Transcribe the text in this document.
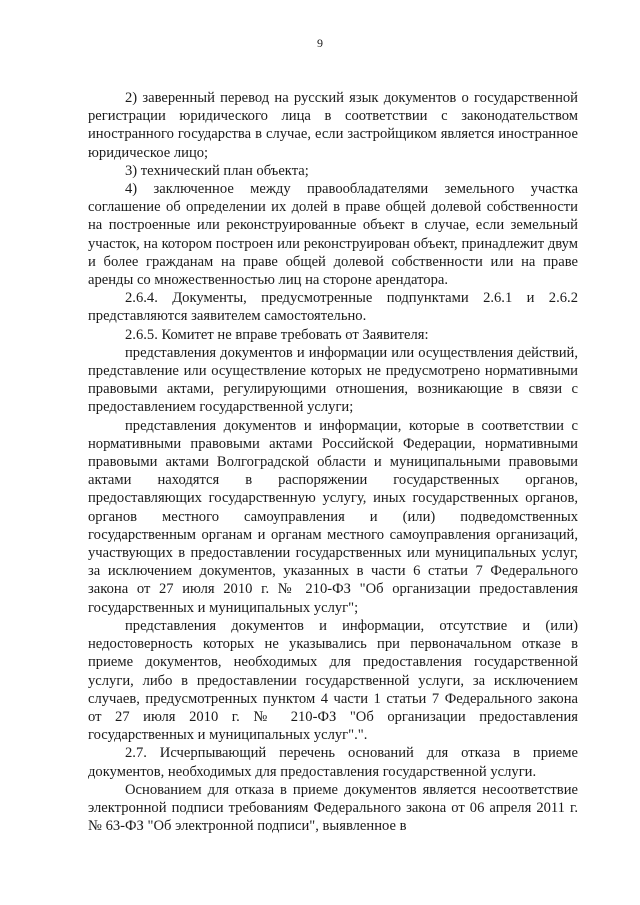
9

2) заверенный перевод на русский язык документов о государственной регистрации юридического лица в соответствии с законодательством иностранного государства в случае, если застройщиком является иностранное юридическое лицо;

3) технический план объекта;

4) заключенное между правообладателями земельного участка соглашение об определении их долей в праве общей долевой собственности на построенные или реконструированные объект в случае, если земельный участок, на котором построен или реконструирован объект, принадлежит двум и более гражданам на праве общей долевой собственности или на праве аренды со множественностью лиц на стороне арендатора.

2.6.4. Документы, предусмотренные подпунктами 2.6.1 и 2.6.2 представляются заявителем самостоятельно.

2.6.5. Комитет не вправе требовать от Заявителя:

представления документов и информации или осуществления действий, представление или осуществление которых не предусмотрено нормативными правовыми актами, регулирующими отношения, возникающие в связи с предоставлением государственной услуги;

представления документов и информации, которые в соответствии с нормативными правовыми актами Российской Федерации, нормативными правовыми актами Волгоградской области и муниципальными правовыми актами находятся в распоряжении государственных органов, предоставляющих государственную услугу, иных государственных органов, органов местного самоуправления и (или) подведомственных государственным органам и органам местного самоуправления организаций, участвующих в предоставлении государственных или муниципальных услуг, за исключением документов, указанных в части 6 статьи 7 Федерального закона от 27 июля 2010 г. № 210-ФЗ "Об организации предоставления государственных и муниципальных услуг";

представления документов и информации, отсутствие и (или) недостоверность которых не указывались при первоначальном отказе в приеме документов, необходимых для предоставления государственной услуги, либо в предоставлении государственной услуги, за исключением случаев, предусмотренных пунктом 4 части 1 статьи 7 Федерального закона от 27 июля 2010 г. № 210-ФЗ "Об организации предоставления государственных и муниципальных услуг".".

2.7. Исчерпывающий перечень оснований для отказа в приеме документов, необходимых для предоставления государственной услуги.

Основанием для отказа в приеме документов является несоответствие электронной подписи требованиям Федерального закона от 06 апреля 2011 г. № 63-ФЗ "Об электронной подписи", выявленное в
